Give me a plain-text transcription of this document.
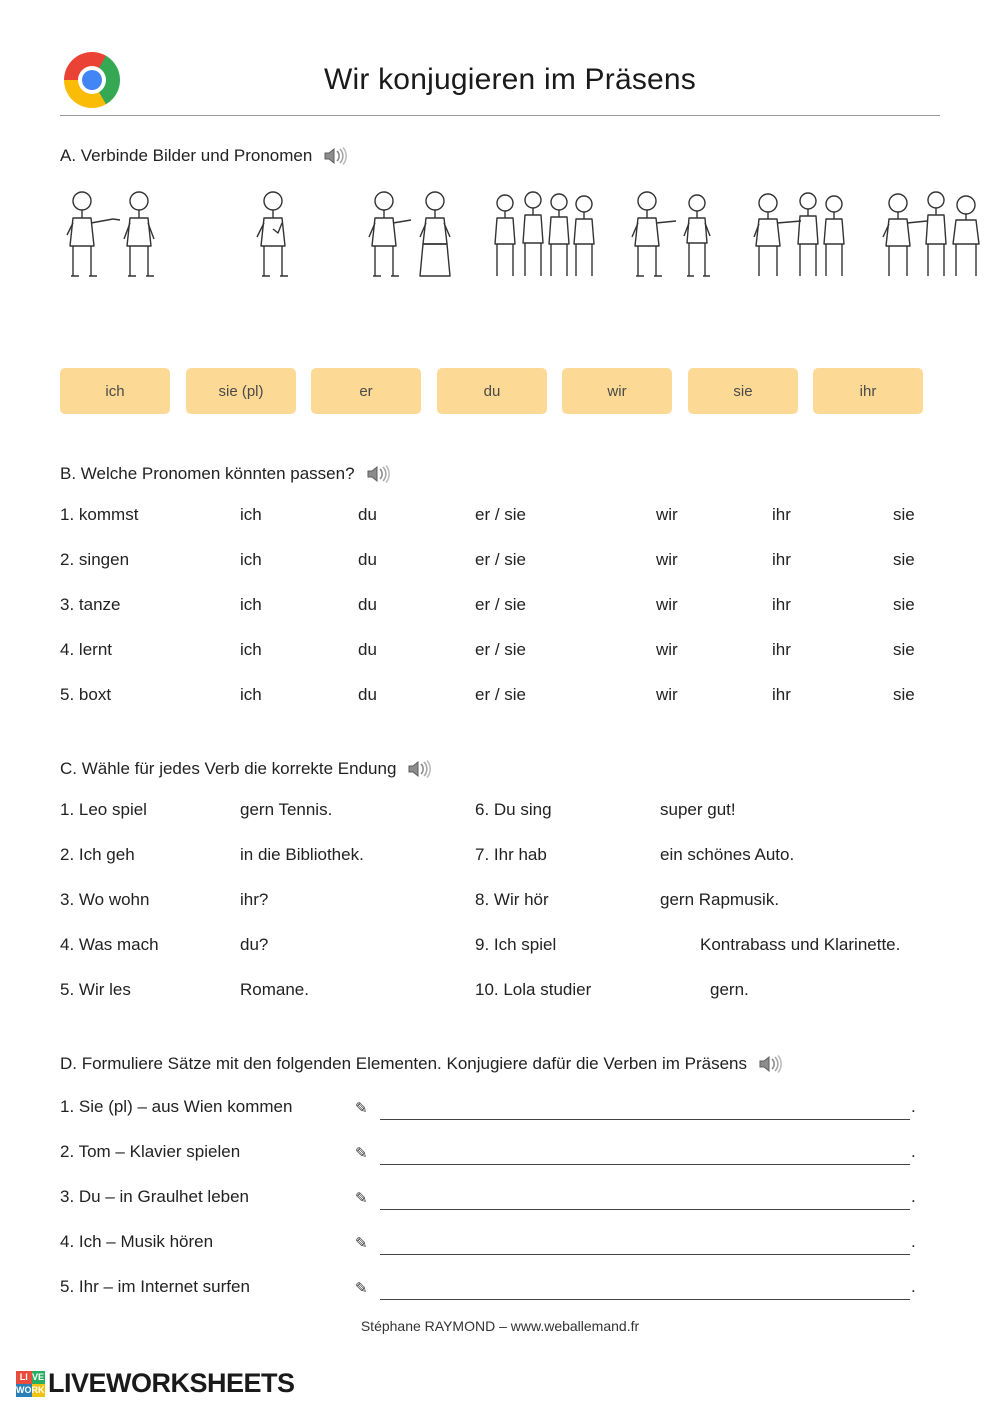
Wir konjugieren im Präsens
A. Verbinde Bilder und Pronomen
ich	sie (pl)	er	du	wir	sie	ihr
B. Welche Pronomen könnten passen?
1. kommst	ich	du	er / sie	wir	ihr	sie
2. singen	ich	du	er / sie	wir	ihr	sie
3. tanze	ich	du	er / sie	wir	ihr	sie
4. lernt	ich	du	er / sie	wir	ihr	sie
5. boxt	ich	du	er / sie	wir	ihr	sie
C. Wähle für jedes Verb die korrekte Endung
1. Leo spiel	gern Tennis.	6. Du sing	super gut!
2. Ich geh	in die Bibliothek.	7. Ihr hab	ein schönes Auto.
3. Wo wohn	ihr?	8. Wir hör	gern Rapmusik.
4. Was mach	du?	9. Ich spiel	Kontrabass und Klarinette.
5. Wir les	Romane.	10. Lola studier	gern.
D. Formuliere Sätze mit den folgenden Elementen. Konjugiere dafür die Verben im Präsens
1. Sie (pl) – aus Wien kommen	✎	.
2. Tom – Klavier spielen	✎	.
3. Du – in Graulhet leben	✎	.
4. Ich – Musik hören	✎	.
5. Ihr – im Internet surfen	✎	.
Stéphane RAYMOND – www.weballemand.fr
LI VE
WO RK LIVEWORKSHEETS
